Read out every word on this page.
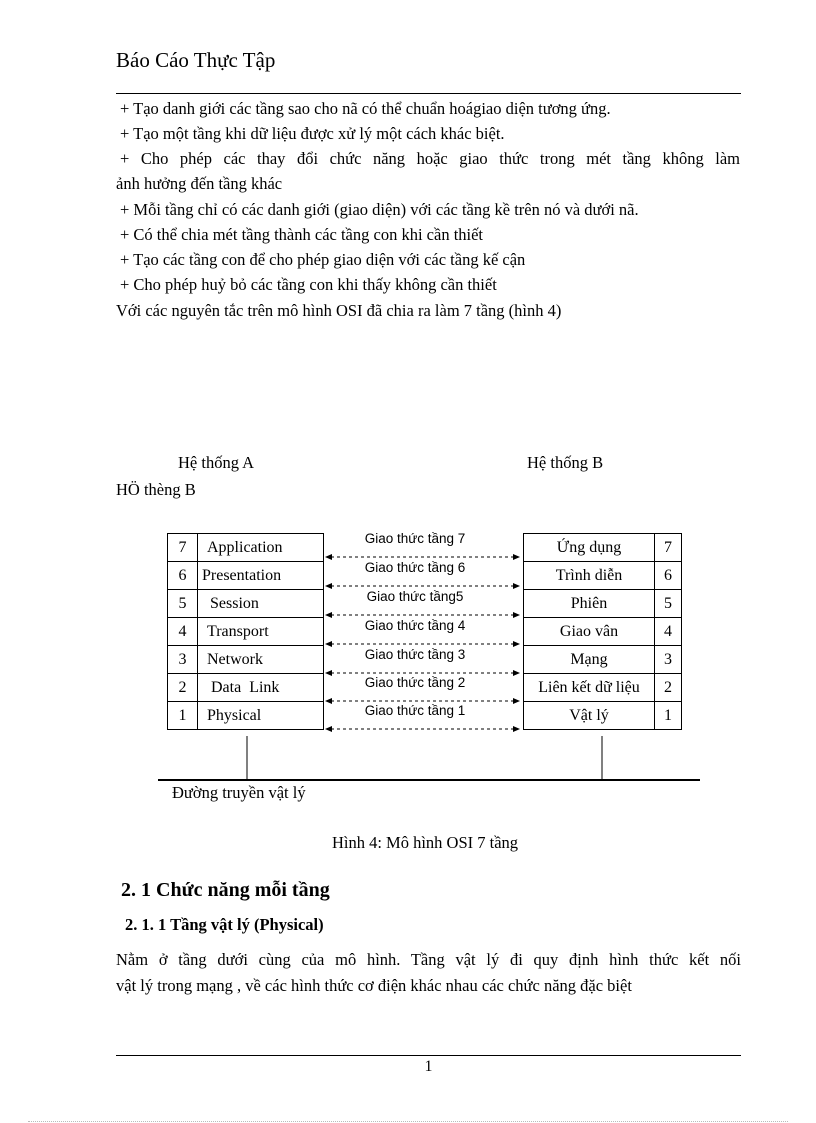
Báo Cáo Thực Tập
+ Tạo danh giới các tầng sao cho nã có thể chuẩn hoágiao diện tương ứng.
+ Tạo một tầng khi dữ liệu được xử lý một cách khác biệt.
+ Cho phép các thay đổi chức năng hoặc giao thức trong mét tầng không làm
ảnh hưởng đến tầng khác
+ Mỗi tầng chỉ có các danh giới (giao diện) với các tầng kề trên nó và dưới nã.
+ Có thể chia mét tầng thành các tầng con khi cần thiết
+ Tạo các tầng con để cho phép giao diện với các tầng kế cận
+ Cho phép huỷ bỏ các tầng con khi thấy không cần thiết
Với các nguyên tắc trên mô hình OSI đã chia ra làm 7 tầng (hình 4)
Hệ thống A	Hệ thống B
HÖ thèng B
7	Application
6	Presentation
5	Session
4	Transport
3	Network
2	Data  Link
1	Physical
Ứng dụng	7
Trình diễn	6
Phiên	5
Giao vân	4
Mạng	3
Liên kết dữ liệu	2
Vật lý	1
Giao thức tầng 7
Giao thức tầng 6
Giao thức tầng5
Giao thức tầng 4
Giao thức tầng 3
Giao thức tầng 2
Giao thức tầng 1
Đường truyền vật lý
Hình 4: Mô hình OSI 7 tầng
2. 1 Chức năng mỗi tầng
2. 1. 1 Tầng vật lý (Physical)
Nằm ở tầng dưới cùng của mô hình. Tầng vật lý đi quy định hình thức kết nối
vật lý trong mạng , về các hình thức cơ điện khác nhau các chức năng đặc biệt
1
